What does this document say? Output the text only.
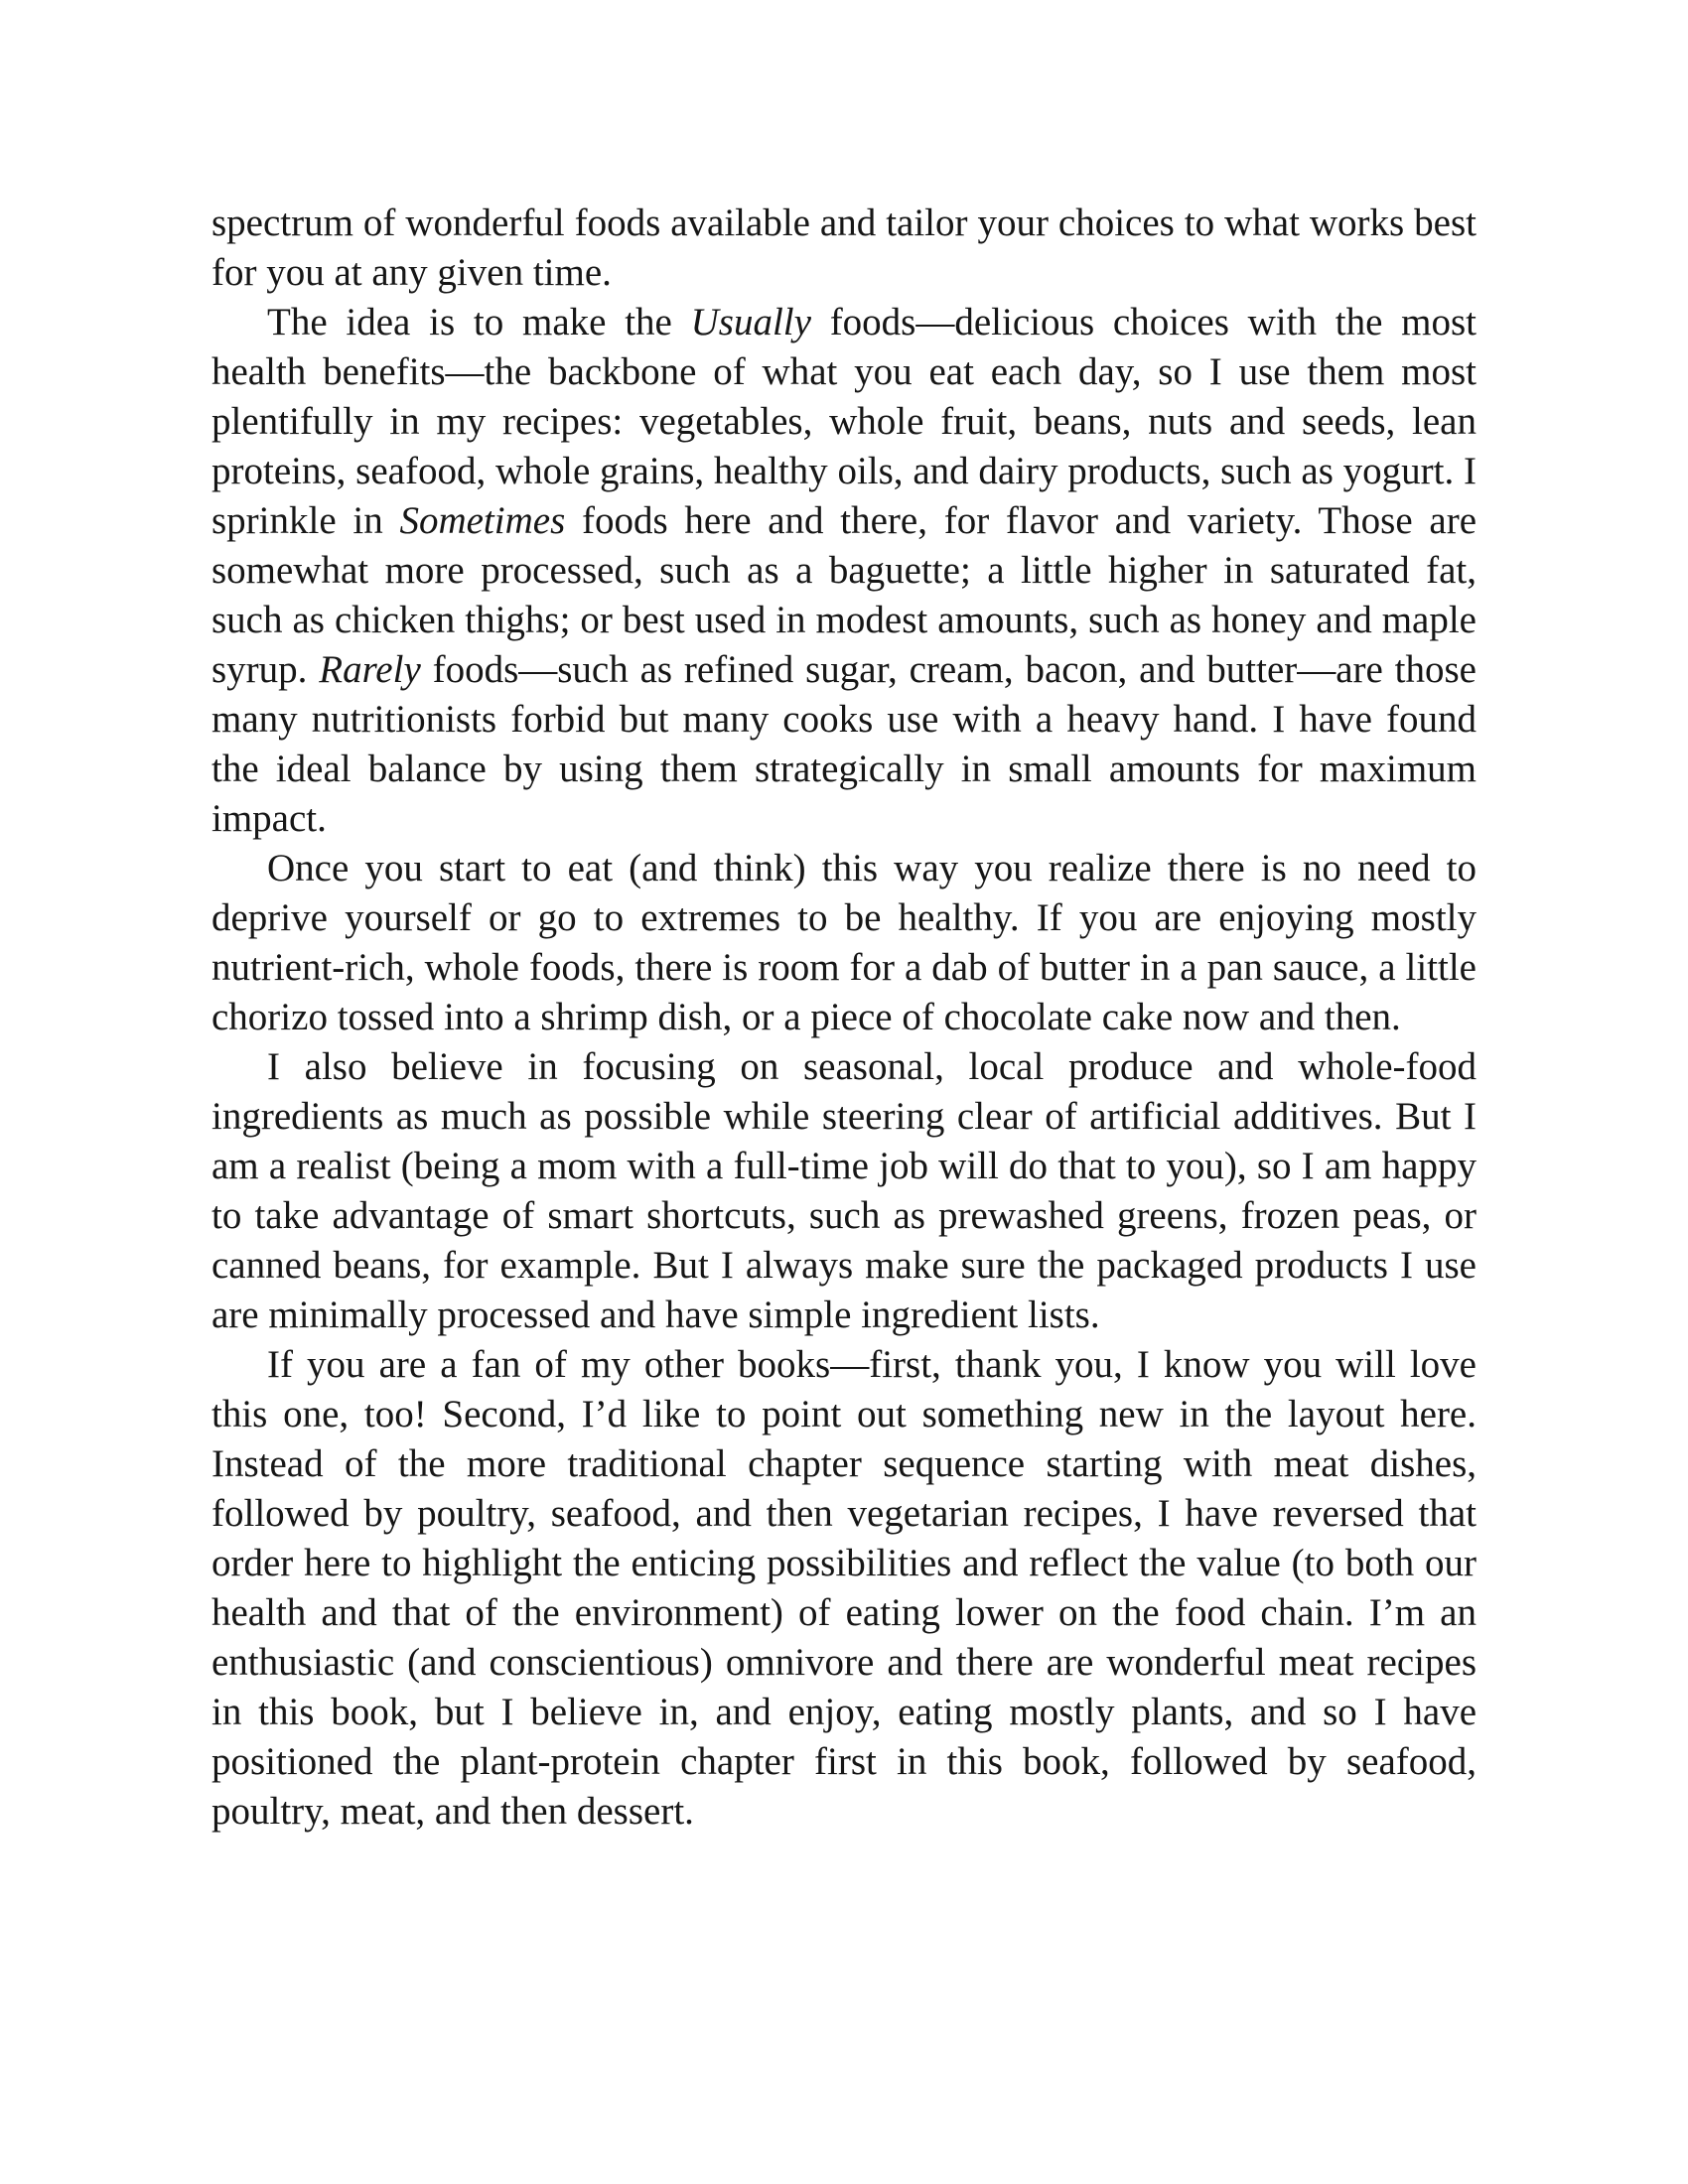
spectrum of wonderful foods available and tailor your choices to what works best for you at any given time.

The idea is to make the Usually foods—delicious choices with the most health benefits—the backbone of what you eat each day, so I use them most plentifully in my recipes: vegetables, whole fruit, beans, nuts and seeds, lean proteins, seafood, whole grains, healthy oils, and dairy products, such as yogurt. I sprinkle in Sometimes foods here and there, for flavor and variety. Those are somewhat more processed, such as a baguette; a little higher in saturated fat, such as chicken thighs; or best used in modest amounts, such as honey and maple syrup. Rarely foods—such as refined sugar, cream, bacon, and butter—are those many nutritionists forbid but many cooks use with a heavy hand. I have found the ideal balance by using them strategically in small amounts for maximum impact.

Once you start to eat (and think) this way you realize there is no need to deprive yourself or go to extremes to be healthy. If you are enjoying mostly nutrient-rich, whole foods, there is room for a dab of butter in a pan sauce, a little chorizo tossed into a shrimp dish, or a piece of chocolate cake now and then.

I also believe in focusing on seasonal, local produce and whole-food ingredients as much as possible while steering clear of artificial additives. But I am a realist (being a mom with a full-time job will do that to you), so I am happy to take advantage of smart shortcuts, such as prewashed greens, frozen peas, or canned beans, for example. But I always make sure the packaged products I use are minimally processed and have simple ingredient lists.

If you are a fan of my other books—first, thank you, I know you will love this one, too! Second, I’d like to point out something new in the layout here. Instead of the more traditional chapter sequence starting with meat dishes, followed by poultry, seafood, and then vegetarian recipes, I have reversed that order here to highlight the enticing possibilities and reflect the value (to both our health and that of the environment) of eating lower on the food chain. I’m an enthusiastic (and conscientious) omnivore and there are wonderful meat recipes in this book, but I believe in, and enjoy, eating mostly plants, and so I have positioned the plant-protein chapter first in this book, followed by seafood, poultry, meat, and then dessert.
